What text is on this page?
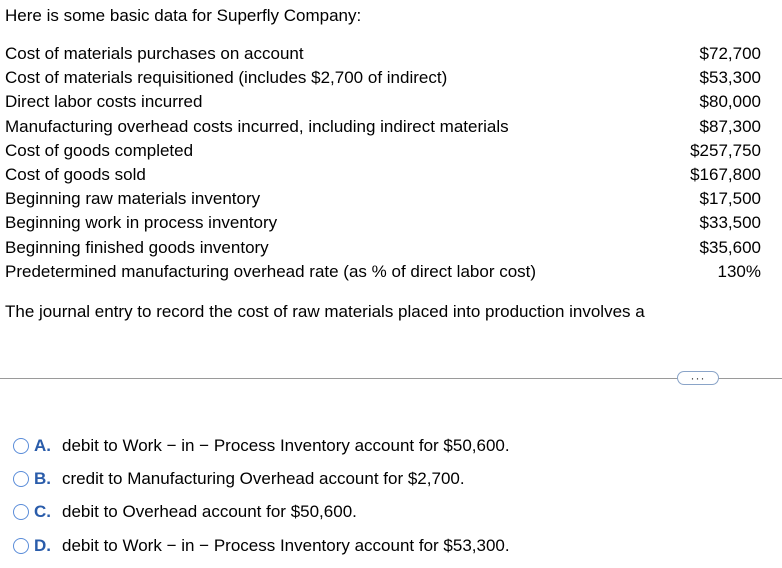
Here is some basic data for Superfly Company:
Cost of materials purchases on account	$72,700
Cost of materials requisitioned (includes $2,700 of indirect)	$53,300
Direct labor costs incurred	$80,000
Manufacturing overhead costs incurred, including indirect materials	$87,300
Cost of goods completed	$257,750
Cost of goods sold	$167,800
Beginning raw materials inventory	$17,500
Beginning work in process inventory	$33,500
Beginning finished goods inventory	$35,600
Predetermined manufacturing overhead rate (as % of direct labor cost)	130%
The journal entry to record the cost of raw materials placed into production involves a
···
A. debit to Work − in − Process Inventory account for $50,600.
B. credit to Manufacturing Overhead account for $2,700.
C. debit to Overhead account for $50,600.
D. debit to Work − in − Process Inventory account for $53,300.
